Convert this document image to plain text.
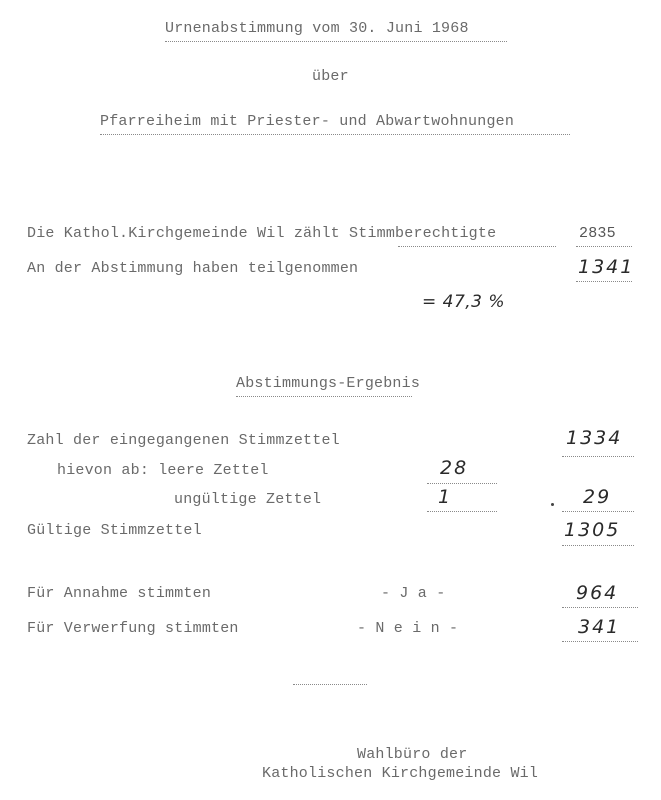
Urnenabstimmung vom 30. Juni 1968
über
Pfarreiheim mit Priester- und Abwartwohnungen
Die Kathol.Kirchgemeinde Wil zählt Stimmberechtigte	2835
An der Abstimmung haben teilgenommen	1341
= 47,3 %
Abstimmungs-Ergebnis
Zahl der eingegangenen Stimmzettel	1334
hievon ab: leere Zettel	28
ungültige Zettel	1	29
Gültige Stimmzettel	1305
Für Annahme stimmten	- J a -	964
Für Verwerfung stimmten	- N e i n -	341
Wahlbüro der
Katholischen Kirchgemeinde Wil
